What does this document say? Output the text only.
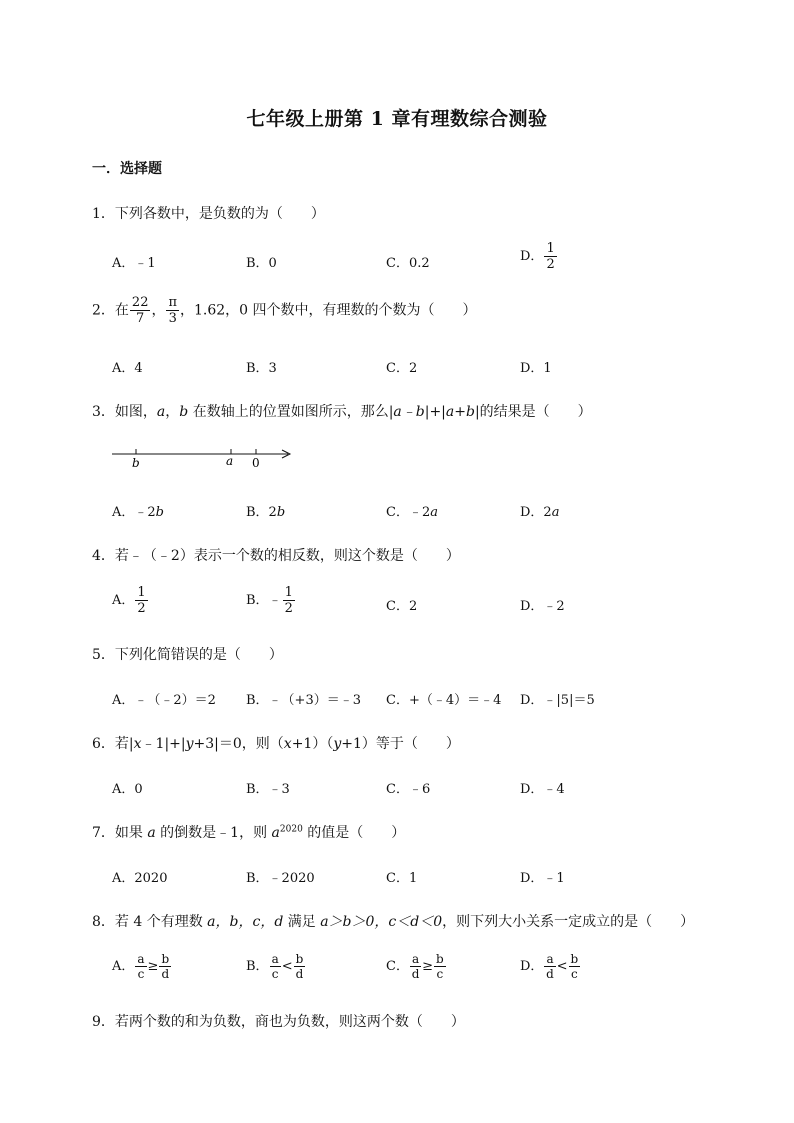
七年级上册第 1 章有理数综合测验
一．选择题
1．下列各数中，是负数的为（　　）
A．﹣1	B．0	C．0.2	D． $\frac{1}{2}$
2．在 $\frac{22}{7}$ ， $\frac{\pi}{3}$ ，1.62，0 四个数中，有理数的个数为（　　）
A．4	B．3	C．2	D．1
3．如图，a，b 在数轴上的位置如图所示，那么|a﹣b|+|a+b|的结果是（　　）
b	a 0
A．﹣2b	B．2b	C．﹣2a	D．2a
4．若﹣（﹣2）表示一个数的相反数，则这个数是（　　）
A． $\frac{1}{2}$	B．﹣ $\frac{1}{2}$	C．2	D．﹣2
5．下列化简错误的是（　　）
A．﹣（﹣2）＝2 B．﹣（+3）＝﹣3 C．+（﹣4）＝﹣4 D．﹣|5|＝5
6．若|x﹣1|+|y+3|＝0，则（x+1）（y+1）等于（　　）
A．0	B．﹣3	C．﹣6	D．﹣4
7．如果 a 的倒数是﹣1，则 $a^{2020}$ 的值是（　　）
A．2020	B．﹣2020	C．1	D．﹣1
8．若 4 个有理数 a，b，c，d 满足 a＞b＞0，c＜d＜0，则下列大小关系一定成立的是（　　）
A． $\frac{a}{c} \ge \frac{b}{d}$	B． $\frac{a}{c} < \frac{b}{d}$	C． $\frac{a}{d} \ge \frac{b}{c}$	D． $\frac{a}{d} < \frac{b}{c}$
9．若两个数的和为负数，商也为负数，则这两个数（　　）
